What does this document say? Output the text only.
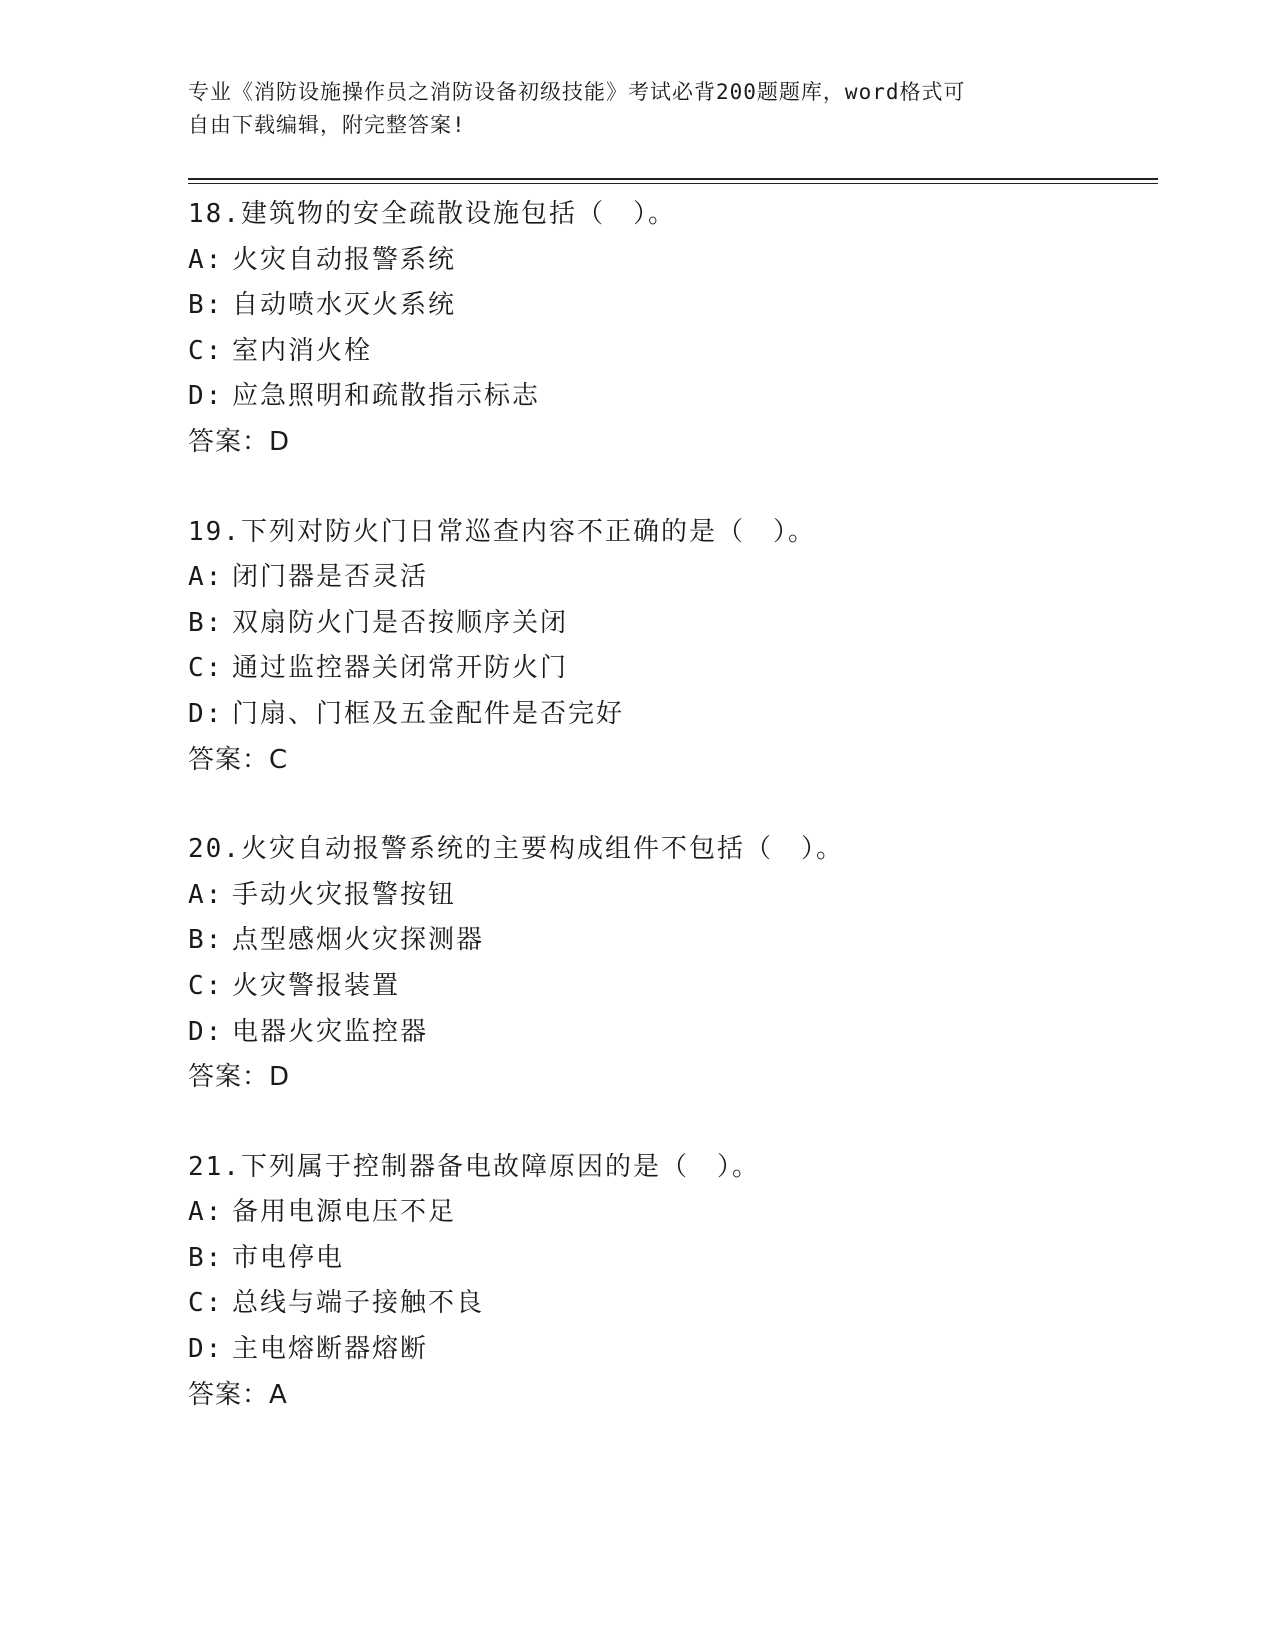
专业《消防设施操作员之消防设备初级技能》考试必背200题题库，word格式可
自由下载编辑，附完整答案!
18.建筑物的安全疏散设施包括（　）。
A: 火灾自动报警系统
B: 自动喷水灭火系统
C: 室内消火栓
D: 应急照明和疏散指示标志
答案：D
19.下列对防火门日常巡查内容不正确的是（　）。
A: 闭门器是否灵活
B: 双扇防火门是否按顺序关闭
C: 通过监控器关闭常开防火门
D: 门扇、门框及五金配件是否完好
答案：C
20.火灾自动报警系统的主要构成组件不包括（　）。
A: 手动火灾报警按钮
B: 点型感烟火灾探测器
C: 火灾警报装置
D: 电器火灾监控器
答案：D
21.下列属于控制器备电故障原因的是（　）。
A: 备用电源电压不足
B: 市电停电
C: 总线与端子接触不良
D: 主电熔断器熔断
答案：A
